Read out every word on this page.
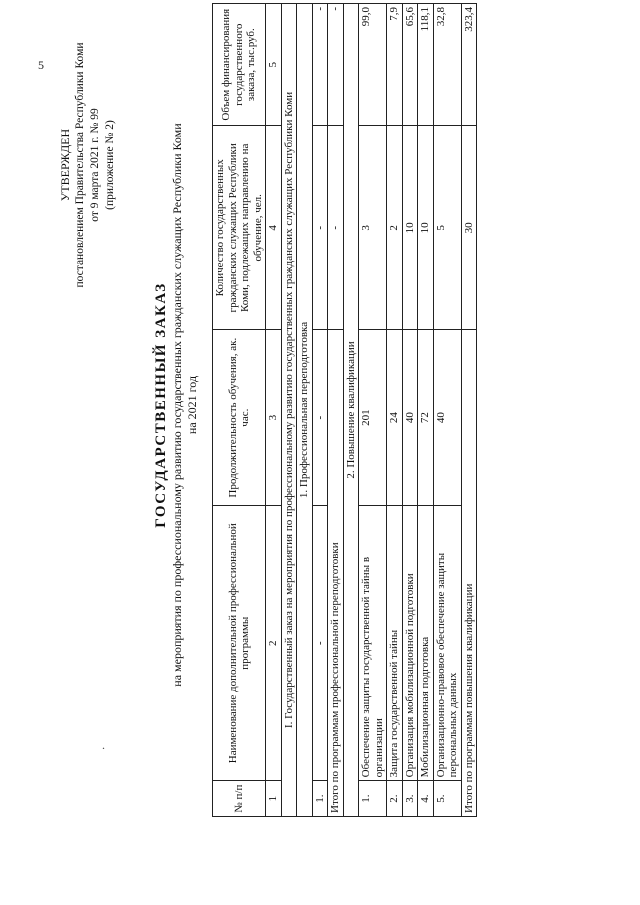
5
.
УТВЕРЖДЕН постановлением Правительства Республики Коми от 9 марта 2021 г. № 99 (приложение № 2)
ГОСУДАРСТВЕННЫЙ ЗАКАЗ на мероприятия по профессиональному развитию государственных гражданских служащих Республики Коми на 2021 год
№ п/п	Наименование дополнительной профессиональной программы	Продолжительность обучения, ак. час.	Количество государственных гражданских служащих Республики Коми, подлежащих направлению на обучение, чел.	Объем финансирования государственного заказа, тыс.руб.
1	2	3	4	5
I. Государственный заказ на мероприятия по профессиональному развитию государственных гражданских служащих Республики Коми				
1. Профессиональная переподготовка				
1.	-	-	-	-
Итого по программам профессиональной переподготовки			-	-
2. Повышение квалификации				
1.	Обеспечение защиты государственной тайны в организации	201	3	99,0
2.	Защита государственной тайны	24	2	7,9
3.	Организация мобилизационной подготовки	40	10	65,6
4.	Мобилизационная подготовка	72	10	118,1
5.	Организационно-правовое обеспечение защиты персональных данных	40	5	32,8
Итого по программам повышения квалификации			30	323,4
